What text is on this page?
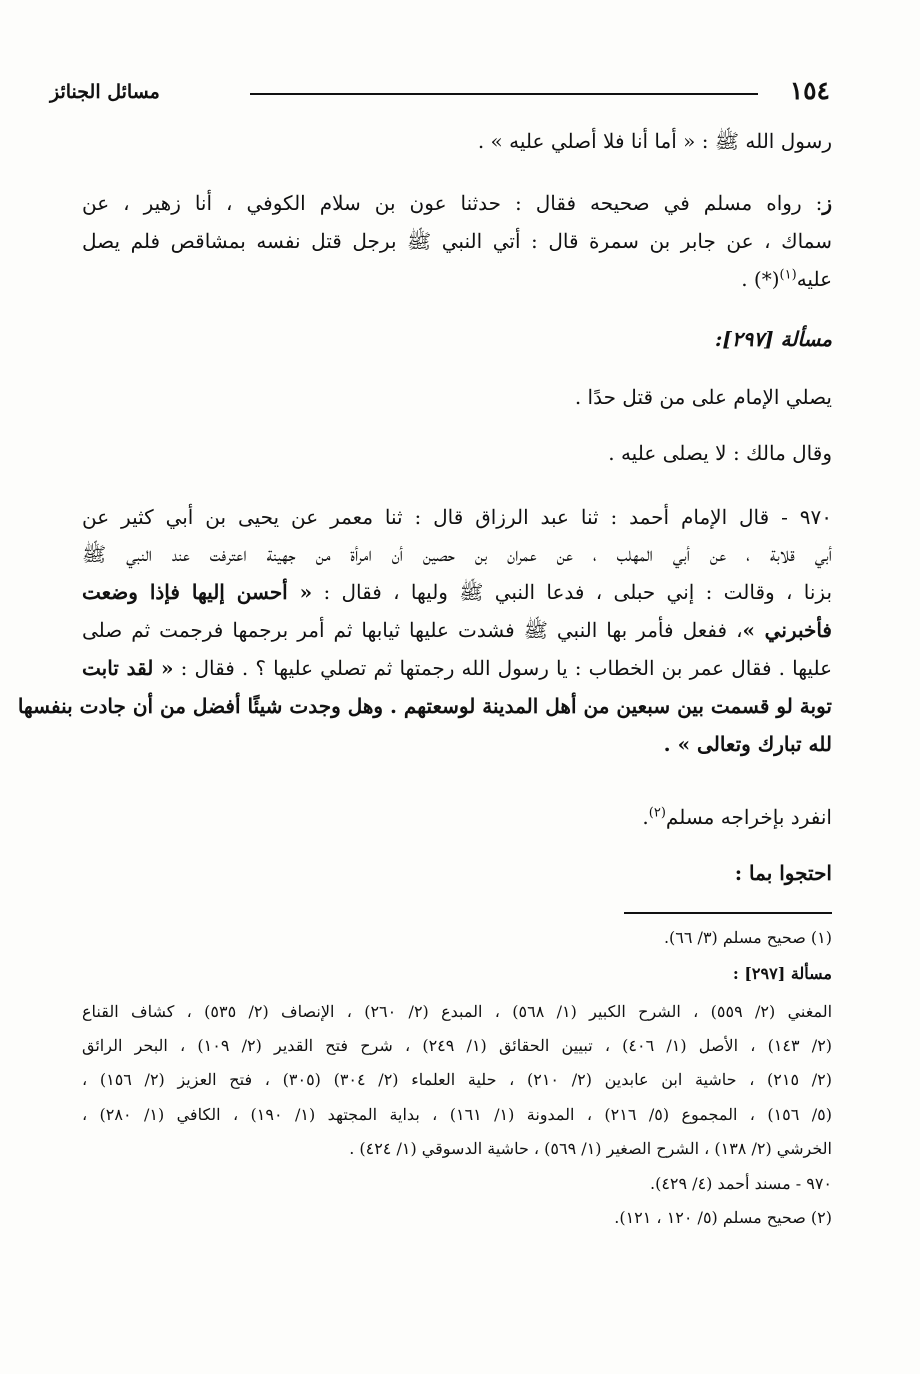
١٥٤
مسائل الجنائز
رسول الله ﷺ : « أما أنا فلا أصلي عليه » .
ز: رواه مسلم في صحيحه فقال : حدثنا عون بن سلام الكوفي ، أنا زهير ، عن
سماك ، عن جابر بن سمرة قال : أتي النبي ﷺ برجل قتل نفسه بمشاقص فلم يصل
عليه$^{(١)}$(*) .
مسألة [٢٩٧]:
يصلي الإمام على من قتل حدًا .
وقال مالك : لا يصلى عليه .
٩٧٠ - قال الإمام أحمد : ثنا عبد الرزاق قال : ثنا معمر عن يحيى بن أبي كثير عن
أبي قلابة ، عن أبي المهلب ، عن عمران بن حصين أن امرأة من جهينة اعترفت عند النبي ﷺ
بزنا ، وقالت : إني حبلى ، فدعا النبي ﷺ وليها ، فقال : « أحسن إليها فإذا وضعت
فأخبرني »، ففعل فأمر بها النبي ﷺ فشدت عليها ثيابها ثم أمر برجمها فرجمت ثم صلى
عليها . فقال عمر بن الخطاب : يا رسول الله رجمتها ثم تصلي عليها ؟ . فقال : « لقد تابت
توبة لو قسمت بين سبعين من أهل المدينة لوسعتهم . وهل وجدت شيئًا أفضل من أن جادت بنفسها
لله تبارك وتعالى » .
انفرد بإخراجه مسلم$^{(٢)}$.
احتجوا بما :
(١) صحيح مسلم (٣/ ٦٦).
مسألة [٢٩٧] :
المغني (٢/ ٥٥٩) ، الشرح الكبير (١/ ٥٦٨) ، المبدع (٢/ ٢٦٠) ، الإنصاف (٢/ ٥٣٥) ، كشاف القناع
(٢/ ١٤٣) ، الأصل (١/ ٤٠٦) ، تبيين الحقائق (١/ ٢٤٩) ، شرح فتح القدير (٢/ ١٠٩) ، البحر الرائق
(٢/ ٢١٥) ، حاشية ابن عابدين (٢/ ٢١٠) ، حلية العلماء (٢/ ٣٠٤) (٣٠٥) ، فتح العزيز (٢/ ١٥٦) ،
(٥/ ١٥٦) ، المجموع (٥/ ٢١٦) ، المدونة (١/ ١٦١) ، بداية المجتهد (١/ ١٩٠) ، الكافي (١/ ٢٨٠) ،
الخرشي (٢/ ١٣٨) ، الشرح الصغير (١/ ٥٦٩) ، حاشية الدسوقي (١/ ٤٢٤) .
٩٧٠ - مسند أحمد (٤/ ٤٢٩).
(٢) صحيح مسلم (٥/ ١٢٠ ، ١٢١).
